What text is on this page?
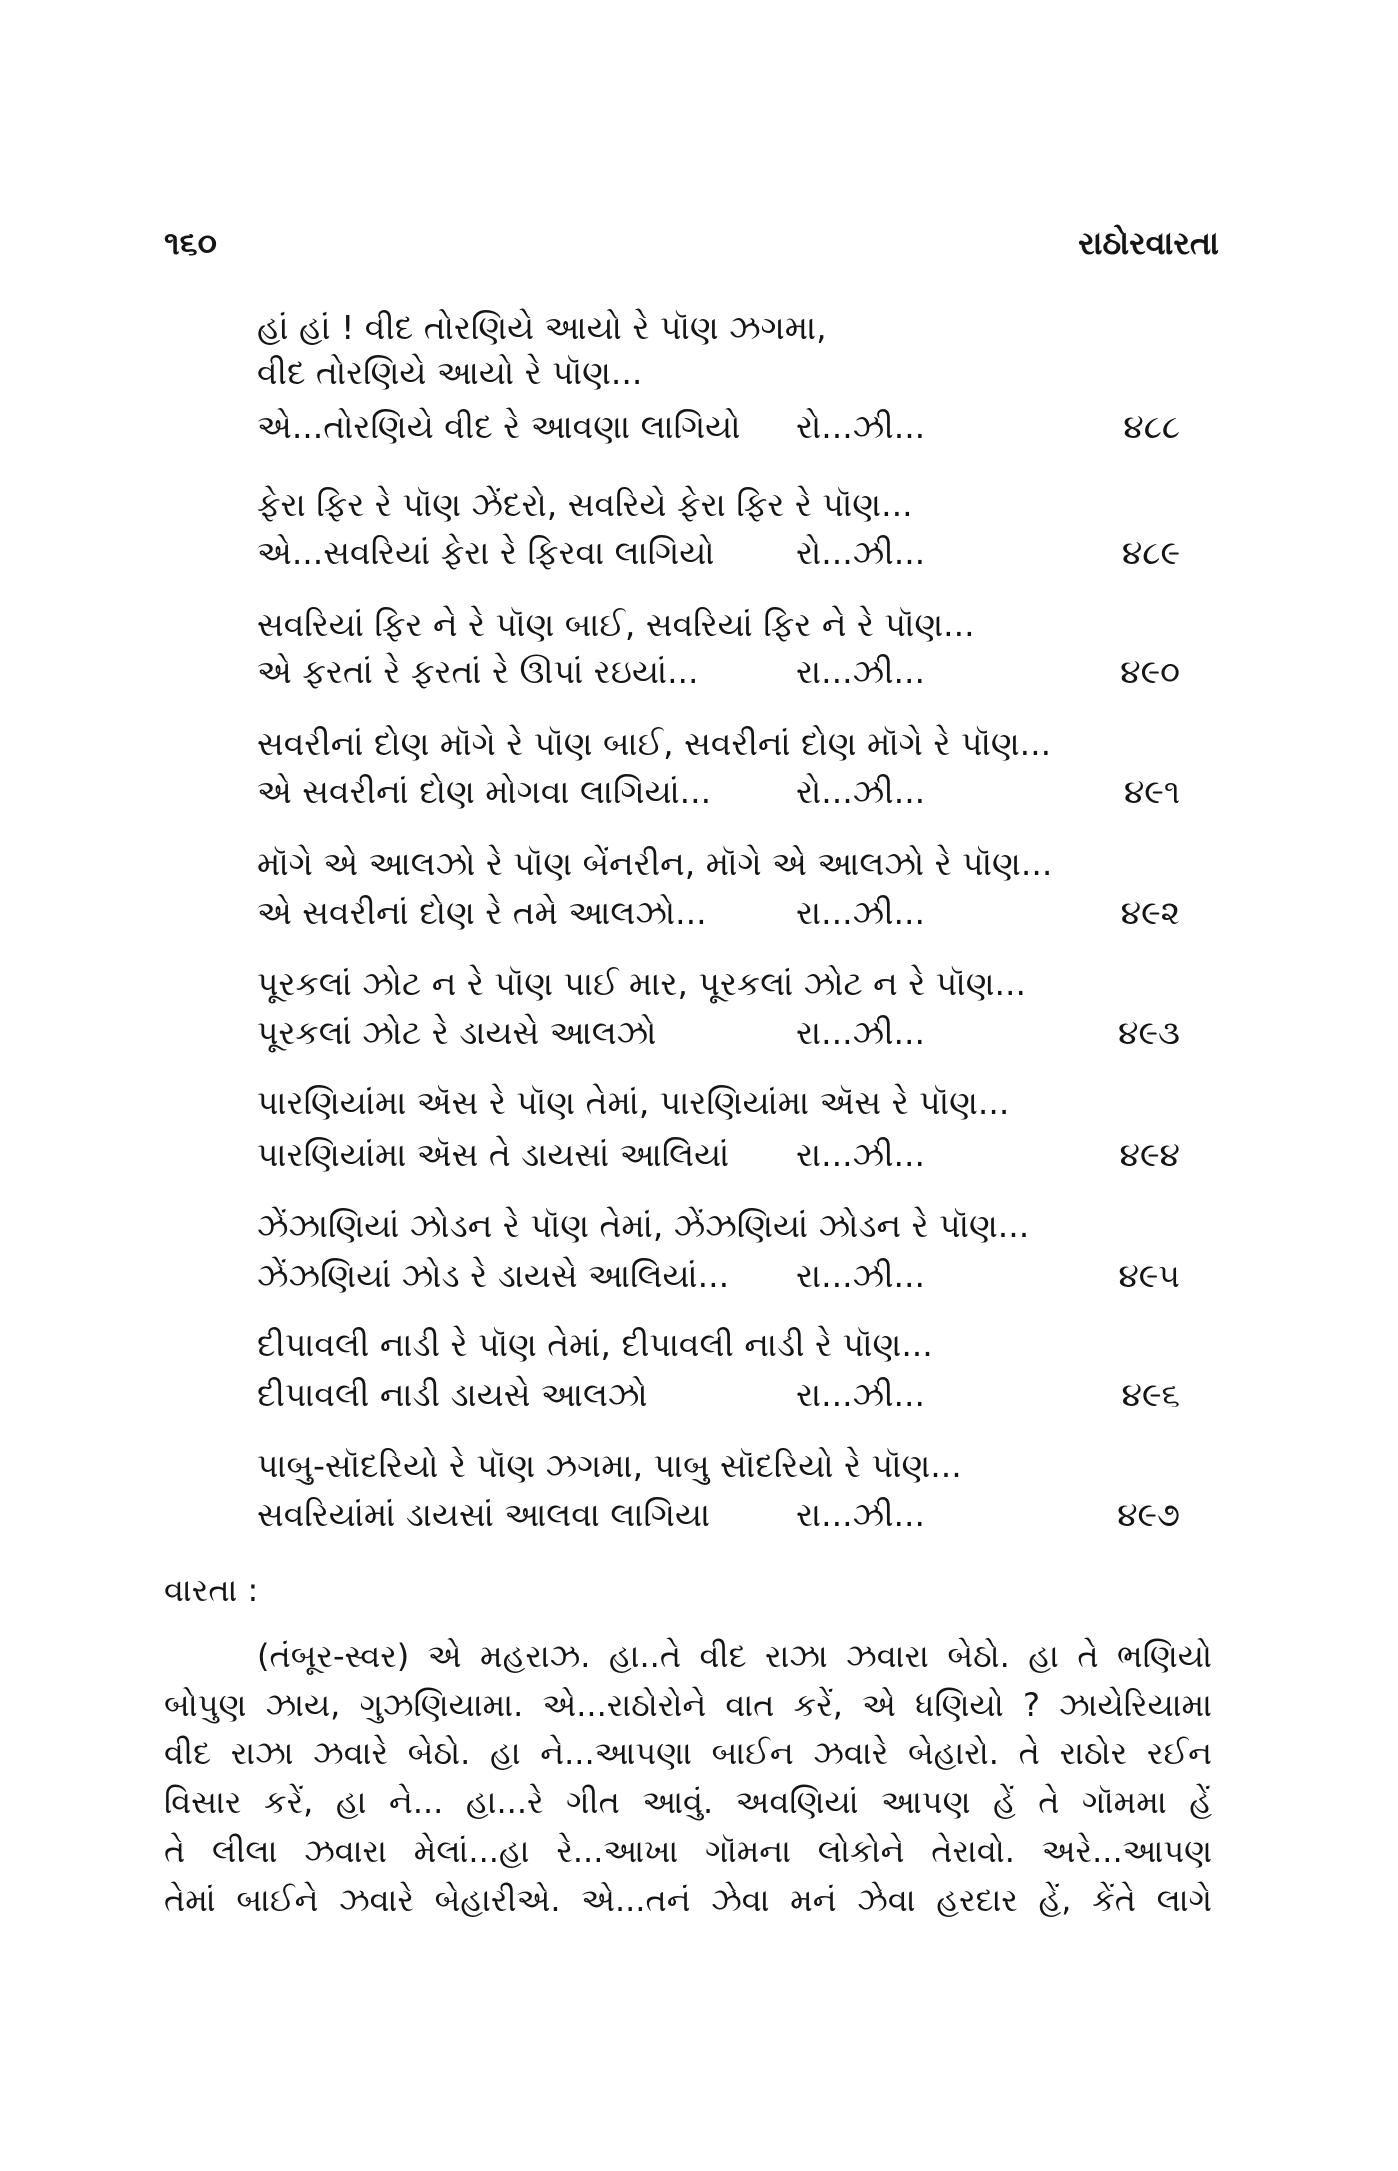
૧૬૦	રાઠોરવારતા
હાં હાં ! વીદ તોરણિયે આયો રે પૉણ ઝગમા,
વીદ તોરણિયે આયો રે પૉણ...
એ...તોરણિયે વીદ રે આવણા લાગિયો	રો...ઝી...	૪૮૮
ફેરા ફિર રે પૉણ ઝેંદરો, સવરિયે ફેરા ફિર રે પૉણ...
એ...સવરિયાં ફેરા રે ફિરવા લાગિયો	રો...ઝી...	૪૮૯
સવરિયાં ફિર ને રે પૉણ બાઈ, સવરિયાં ફિર ને રે પૉણ...
એ ફરતાં રે ફરતાં રે ઊપાં રઇયાં...	રા...ઝી...	૪૯૦
સવરીનાં દોણ મૉગે રે પૉણ બાઈ, સવરીનાં દોણ મૉગે રે પૉણ...
એ સવરીનાં દોણ મોગવા લાગિયાં...	રો...ઝી...	૪૯૧
મૉગે એ આલઝો રે પૉણ બેંનરીન, મૉગે એ આલઝો રે પૉણ...
એ સવરીનાં દોણ રે તમે આલઝો...	રા...ઝી...	૪૯૨
પૂરકલાં ઝોટ ન રે પૉણ પાઈ માર, પૂરકલાં ઝોટ ન રે પૉણ...
પૂરકલાં ઝોટ રે ડાયસે આલઝો	રા...ઝી...	૪૯૩
પારણિયાંમા ઍસ રે પૉણ તેમાં, પારણિયાંમા ઍસ રે પૉણ...
પારણિયાંમા ઍસ તે ડાયસાં આલિયાં	રા...ઝી...	૪૯૪
ઝેંઝાણિયાં ઝોડન રે પૉણ તેમાં, ઝેંઝણિયાં ઝોડન રે પૉણ...
ઝેંઝણિયાં ઝોડ રે ડાયસે આલિયાં...	રા...ઝી...	૪૯૫
દીપાવલી નાડી રે પૉણ તેમાં, દીપાવલી નાડી રે પૉણ...
દીપાવલી નાડી ડાયસે આલઝો	રા...ઝી...	૪૯૬
પાબુ-સૉદરિયો રે પૉણ ઝગમા, પાબુ સૉદરિયો રે પૉણ...
સવરિયાંમાં ડાયસાં આલવા લાગિયા	રા...ઝી...	૪૯૭
વારતા :
(તંબૂર-સ્વર) એ મહરાઝ. હા..તે વીદ રાઝા ઝવારા બેઠો. હા તે ભણિયો
બોપુણ ઝાય, ગુઝણિયામા. એ...રાઠોરોને વાત કરેં, એ ધણિયો ? ઝાયેરિયામા
વીદ રાઝા ઝવારે બેઠો. હા ને...આપણા બાઈન ઝવારે બેહારો. તે રાઠોર રઈન
વિસાર કરેં, હા ને... હા...રે ગીત આવું. અવણિયાં આપણ હેં તે ગૉમમા હેં
તે લીલા ઝવારા મેલાં...હા રે...આખા ગૉમના લોકોને તેરાવો. અરે...આપણ
તેમાં બાઈને ઝવારે બેહારીએ. એ...તનં ઝેવા મનં ઝેવા હરદાર હેં, કેંતે લાગે
